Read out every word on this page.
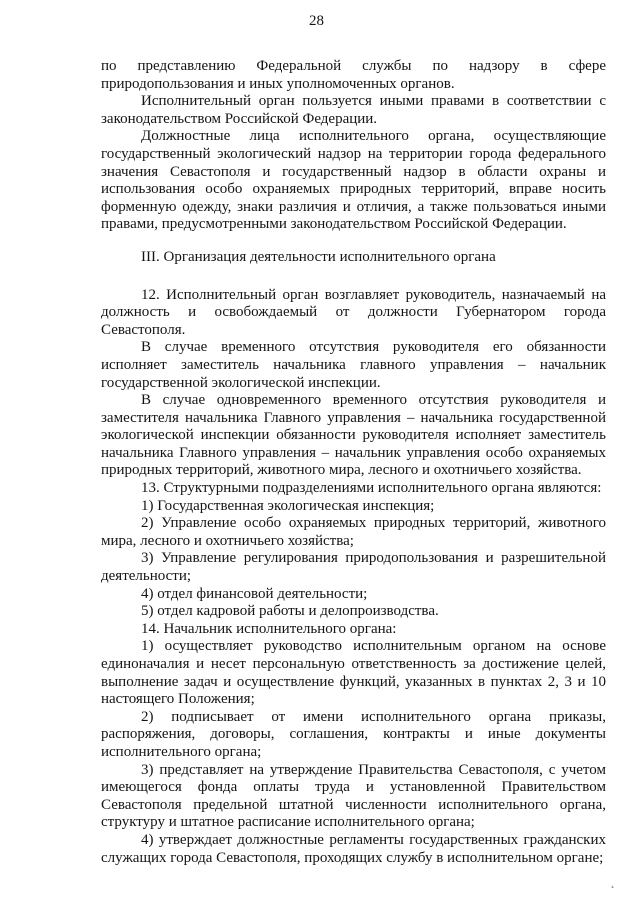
28

по представлению Федеральной службы по надзору в сфере природопользования и иных уполномоченных органов.

Исполнительный орган пользуется иными правами в соответствии с законодательством Российской Федерации.

Должностные лица исполнительного органа, осуществляющие государственный экологический надзор на территории города федерального значения Севастополя и государственный надзор в области охраны и использования особо охраняемых природных территорий, вправе носить форменную одежду, знаки различия и отличия, а также пользоваться иными правами, предусмотренными законодательством Российской Федерации.

III. Организация деятельности исполнительного органа

12. Исполнительный орган возглавляет руководитель, назначаемый на должность и освобождаемый от должности Губернатором города Севастополя.

В случае временного отсутствия руководителя его обязанности исполняет заместитель начальника главного управления – начальник государственной экологической инспекции.

В случае одновременного временного отсутствия руководителя и заместителя начальника Главного управления – начальника государственной экологической инспекции обязанности руководителя исполняет заместитель начальника Главного управления – начальник управления особо охраняемых природных территорий, животного мира, лесного и охотничьего хозяйства.

13. Структурными подразделениями исполнительного органа являются:

1) Государственная экологическая инспекция;

2) Управление особо охраняемых природных территорий, животного мира, лесного и охотничьего хозяйства;

3) Управление регулирования природопользования и разрешительной деятельности;

4) отдел финансовой деятельности;

5) отдел кадровой работы и делопроизводства.

14. Начальник исполнительного органа:

1) осуществляет руководство исполнительным органом на основе единоначалия и несет персональную ответственность за достижение целей, выполнение задач и осуществление функций, указанных в пунктах 2, 3 и 10 настоящего Положения;

2) подписывает от имени исполнительного органа приказы, распоряжения, договоры, соглашения, контракты и иные документы исполнительного органа;

3) представляет на утверждение Правительства Севастополя, с учетом имеющегося фонда оплаты труда и установленной Правительством Севастополя предельной штатной численности исполнительного органа, структуру и штатное расписание исполнительного органа;

4) утверждает должностные регламенты государственных гражданских служащих города Севастополя, проходящих службу в исполнительном органе;

˛
